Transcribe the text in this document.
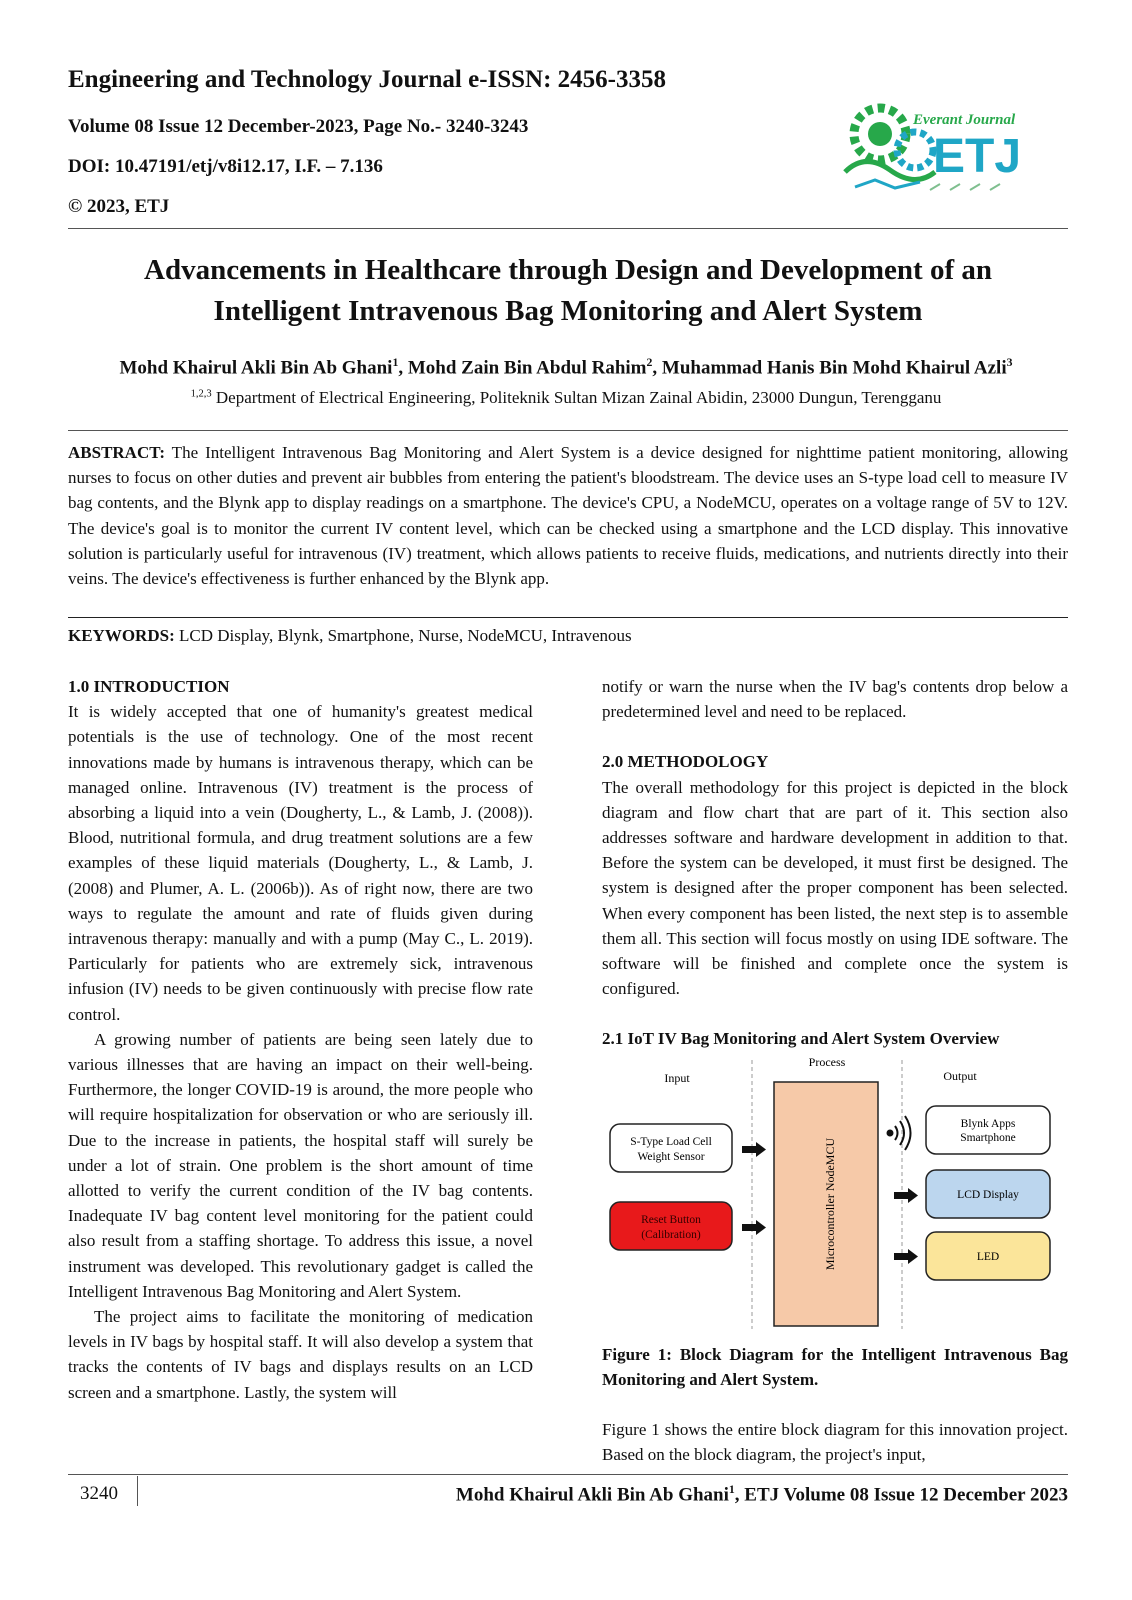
Engineering and Technology Journal e-ISSN: 2456-3358
Volume 08 Issue 12 December-2023, Page No.- 3240-3243
DOI: 10.47191/etj/v8i12.17, I.F. – 7.136
© 2023, ETJ
Everant Journal
ETJ
Advancements in Healthcare through Design and Development of an
Intelligent Intravenous Bag Monitoring and Alert System
Mohd Khairul Akli Bin Ab Ghani$^1$, Mohd Zain Bin Abdul Rahim$^2$, Muhammad Hanis Bin Mohd Khairul Azli$^3$
$^{1,2,3}$ Department of Electrical Engineering, Politeknik Sultan Mizan Zainal Abidin, 23000 Dungun, Terengganu
ABSTRACT: The Intelligent Intravenous Bag Monitoring and Alert System is a device designed for nighttime patient monitoring, allowing nurses to focus on other duties and prevent air bubbles from entering the patient's bloodstream. The device uses an S-type load cell to measure IV bag contents, and the Blynk app to display readings on a smartphone. The device's CPU, a NodeMCU, operates on a voltage range of 5V to 12V. The device's goal is to monitor the current IV content level, which can be checked using a smartphone and the LCD display. This innovative solution is particularly useful for intravenous (IV) treatment, which allows patients to receive fluids, medications, and nutrients directly into their veins. The device's effectiveness is further enhanced by the Blynk app.
KEYWORDS: LCD Display, Blynk, Smartphone, Nurse, NodeMCU, Intravenous

1.0 INTRODUCTION

It is widely accepted that one of humanity's greatest medical potentials is the use of technology. One of the most recent innovations made by humans is intravenous therapy, which can be managed online. Intravenous (IV) treatment is the process of absorbing a liquid into a vein (Dougherty, L., & Lamb, J. (2008)). Blood, nutritional formula, and drug treatment solutions are a few examples of these liquid materials (Dougherty, L., & Lamb, J. (2008) and Plumer, A. L. (2006b)). As of right now, there are two ways to regulate the amount and rate of fluids given during intravenous therapy: manually and with a pump (May C., L. 2019). Particularly for patients who are extremely sick, intravenous infusion (IV) needs to be given continuously with precise flow rate control.

A growing number of patients are being seen lately due to various illnesses that are having an impact on their well-being. Furthermore, the longer COVID-19 is around, the more people who will require hospitalization for observation or who are seriously ill. Due to the increase in patients, the hospital staff will surely be under a lot of strain. One problem is the short amount of time allotted to verify the current condition of the IV bag contents. Inadequate IV bag content level monitoring for the patient could also result from a staffing shortage. To address this issue, a novel instrument was developed. This revolutionary gadget is called the Intelligent Intravenous Bag Monitoring and Alert System.

The project aims to facilitate the monitoring of medication levels in IV bags by hospital staff. It will also develop a system that tracks the contents of IV bags and displays results on an LCD screen and a smartphone. Lastly, the system will

notify or warn the nurse when the IV bag's contents drop below a predetermined level and need to be replaced.

2.0 METHODOLOGY

The overall methodology for this project is depicted in the block diagram and flow chart that are part of it. This section also addresses software and hardware development in addition to that. Before the system can be developed, it must first be designed. The system is designed after the proper component has been selected. When every component has been listed, the next step is to assemble them all. This section will focus mostly on using IDE software. The software will be finished and complete once the system is configured.

2.1 IoT IV Bag Monitoring and Alert System Overview

Input
Process
Output
S-Type Load Cell
Weight Sensor
Reset Button
(Calibration)	Microcontroller NodeMCU
Blynk Apps
Smartphone
LCD Display
LED

Figure 1: Block Diagram for the Intelligent Intravenous Bag Monitoring and Alert System.

Figure 1 shows the entire block diagram for this innovation project. Based on the block diagram, the project's input,

3240	Mohd Khairul Akli Bin Ab Ghani$^1$, ETJ Volume 08 Issue 12 December 2023
